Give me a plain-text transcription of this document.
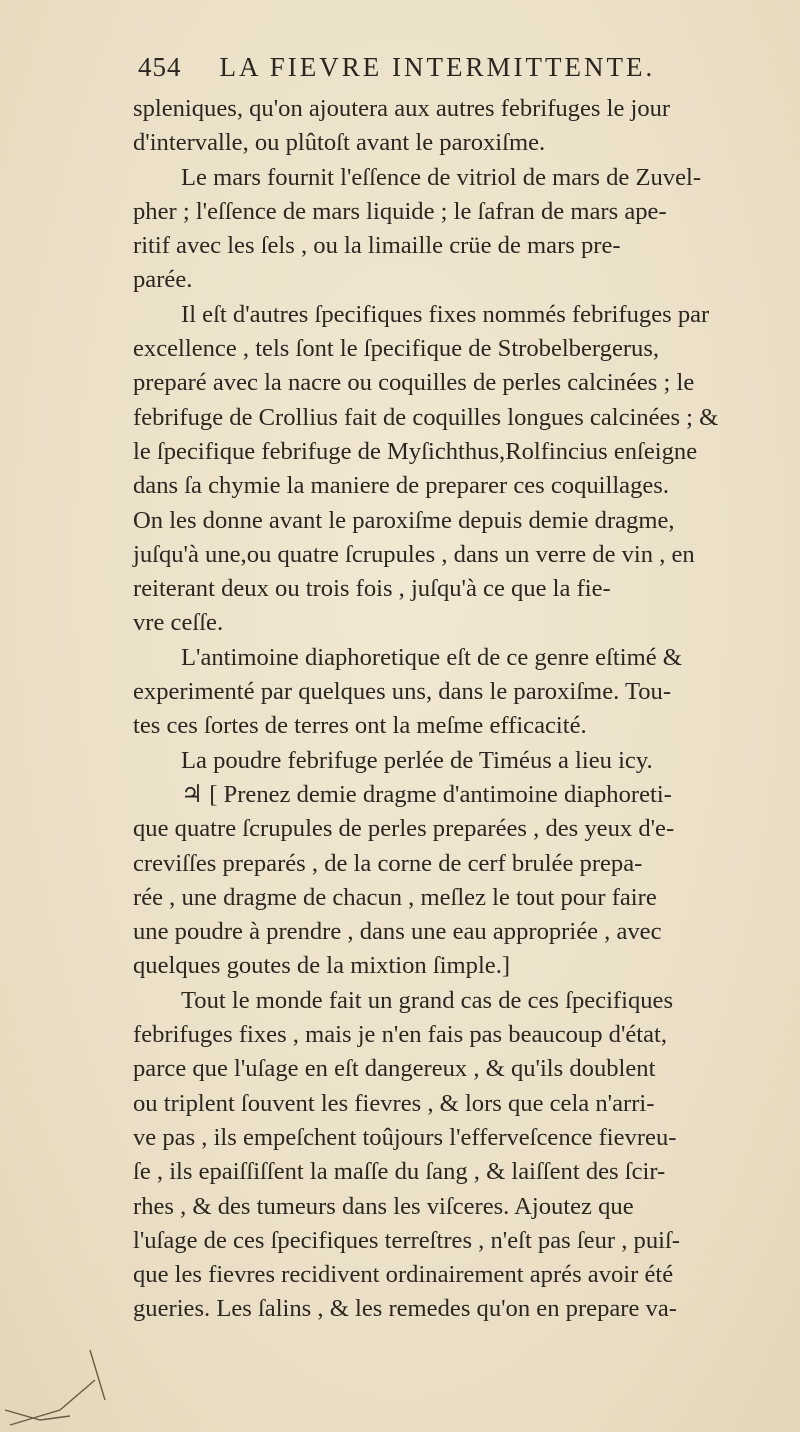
454 LA FIEVRE INTERMITTENTE.
spleniques, qu'on ajoutera aux autres febrifuges le jour
d'intervalle, ou plûtoſt avant le paroxiſme.
Le mars fournit l'eſſence de vitriol de mars de Zuvel-
pher ; l'eſſence de mars liquide ; le ſafran de mars ape-
ritif avec les ſels , ou la limaille crüe de mars pre-
parée.
Il eſt d'autres ſpecifiques fixes nommés febrifuges par
excellence , tels ſont le ſpecifique de Strobelbergerus,
preparé avec la nacre ou coquilles de perles calcinées ; le
febrifuge de Crollius fait de coquilles longues calcinées ; &
le ſpecifique febrifuge de Myſichthus,Rolfincius enſeigne
dans ſa chymie la maniere de preparer ces coquillages.
On les donne avant le paroxiſme depuis demie dragme,
juſqu'à une,ou quatre ſcrupules , dans un verre de vin , en
reiterant deux ou trois fois , juſqu'à ce que la fie-
vre ceſſe.
L'antimoine diaphoretique eſt de ce genre eſtimé &
experimenté par quelques uns, dans le paroxiſme. Tou-
tes ces ſortes de terres ont la meſme efficacité.
La poudre febrifuge perlée de Timéus a lieu icy.
♃ [ Prenez demie dragme d'antimoine diaphoreti-
que quatre ſcrupules de perles preparées , des yeux d'e-
creviſſes preparés , de la corne de cerf brulée prepa-
rée , une dragme de chacun , meſlez le tout pour faire
une poudre à prendre , dans une eau appropriée , avec
quelques goutes de la mixtion ſimple.]
Tout le monde fait un grand cas de ces ſpecifiques
febrifuges fixes , mais je n'en fais pas beaucoup d'état,
parce que l'uſage en eſt dangereux , & qu'ils doublent
ou triplent ſouvent les fievres , & lors que cela n'arri-
ve pas , ils empeſchent toûjours l'effervеſcence fievreu-
ſe , ils epaiſſiſſent la maſſe du ſang , & laiſſent des ſcir-
rhes , & des tumeurs dans les viſceres. Ajoutez que
l'uſage de ces ſpecifiques terreſtres , n'eſt pas ſeur , puiſ-
que les fievres recidivent ordinairement aprés avoir été
gueries. Les ſalins , & les remedes qu'on en prepare va-
